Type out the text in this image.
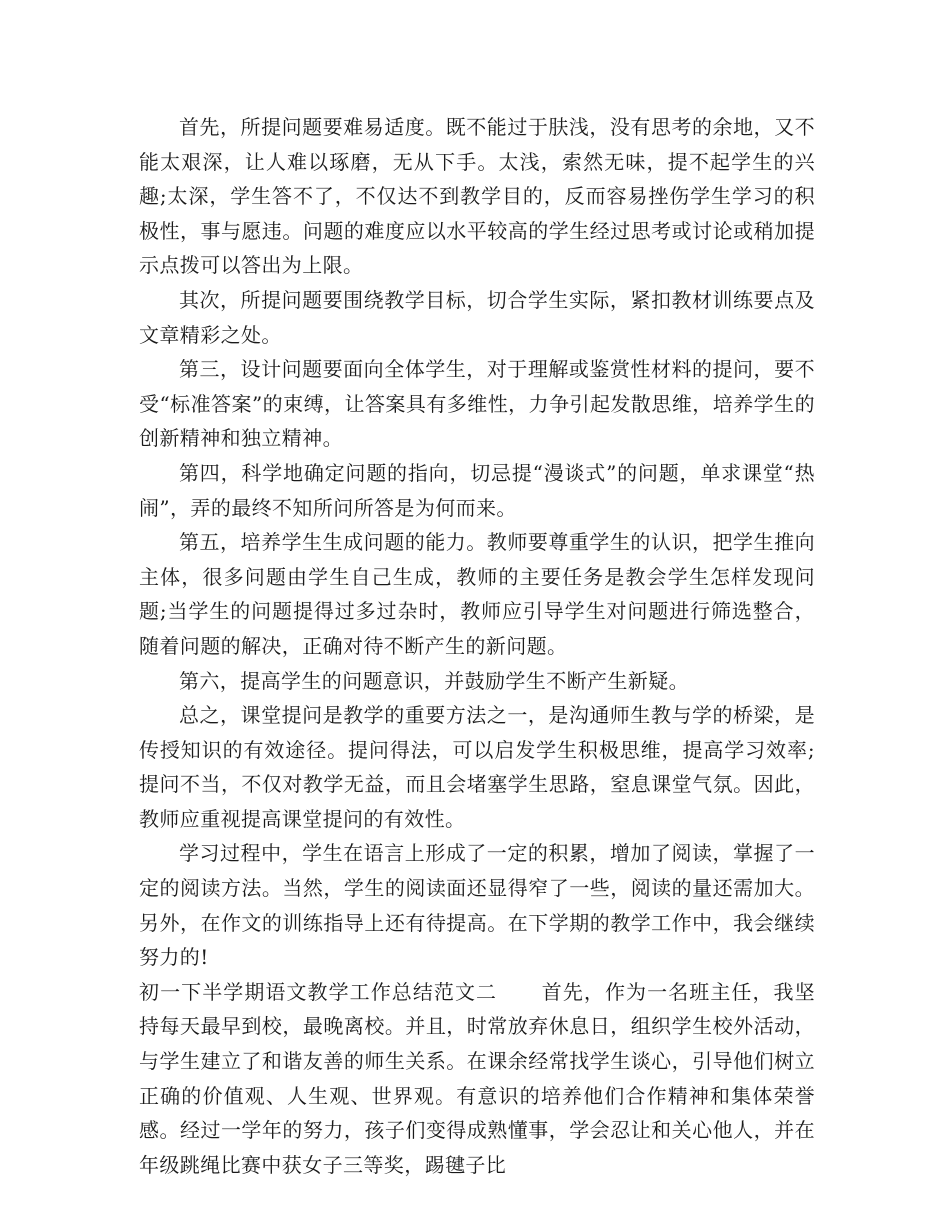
首先，所提问题要难易适度。既不能过于肤浅，没有思考的余地，又不能太艰深，让人难以琢磨，无从下手。太浅，索然无味，提不起学生的兴趣;太深，学生答不了，不仅达不到教学目的，反而容易挫伤学生学习的积极性，事与愿违。问题的难度应以水平较高的学生经过思考或讨论或稍加提示点拨可以答出为上限。

其次，所提问题要围绕教学目标，切合学生实际，紧扣教材训练要点及文章精彩之处。

第三，设计问题要面向全体学生，对于理解或鉴赏性材料的提问，要不受“标准答案”的束缚，让答案具有多维性，力争引起发散思维，培养学生的创新精神和独立精神。

第四，科学地确定问题的指向，切忌提“漫谈式”的问题，单求课堂“热闹”，弄的最终不知所问所答是为何而来。

第五，培养学生生成问题的能力。教师要尊重学生的认识，把学生推向主体，很多问题由学生自己生成，教师的主要任务是教会学生怎样发现问题;当学生的问题提得过多过杂时，教师应引导学生对问题进行筛选整合，随着问题的解决，正确对待不断产生的新问题。

第六，提高学生的问题意识，并鼓励学生不断产生新疑。

总之，课堂提问是教学的重要方法之一，是沟通师生教与学的桥梁，是传授知识的有效途径。提问得法，可以启发学生积极思维，提高学习效率;提问不当，不仅对教学无益，而且会堵塞学生思路，窒息课堂气氛。因此，教师应重视提高课堂提问的有效性。

学习过程中，学生在语言上形成了一定的积累，增加了阅读，掌握了一定的阅读方法。当然，学生的阅读面还显得窄了一些，阅读的量还需加大。另外，在作文的训练指导上还有待提高。在下学期的教学工作中，我会继续努力的!

初一下半学期语文教学工作总结范文二 首先，作为一名班主任，我坚持每天最早到校，最晚离校。并且，时常放弃休息日，组织学生校外活动，与学生建立了和谐友善的师生关系。在课余经常找学生谈心，引导他们树立正确的价值观、人生观、世界观。有意识的培养他们合作精神和集体荣誉感。经过一学年的努力，孩子们变得成熟懂事，学会忍让和关心他人，并在年级跳绳比赛中获女子三等奖，踢毽子比
